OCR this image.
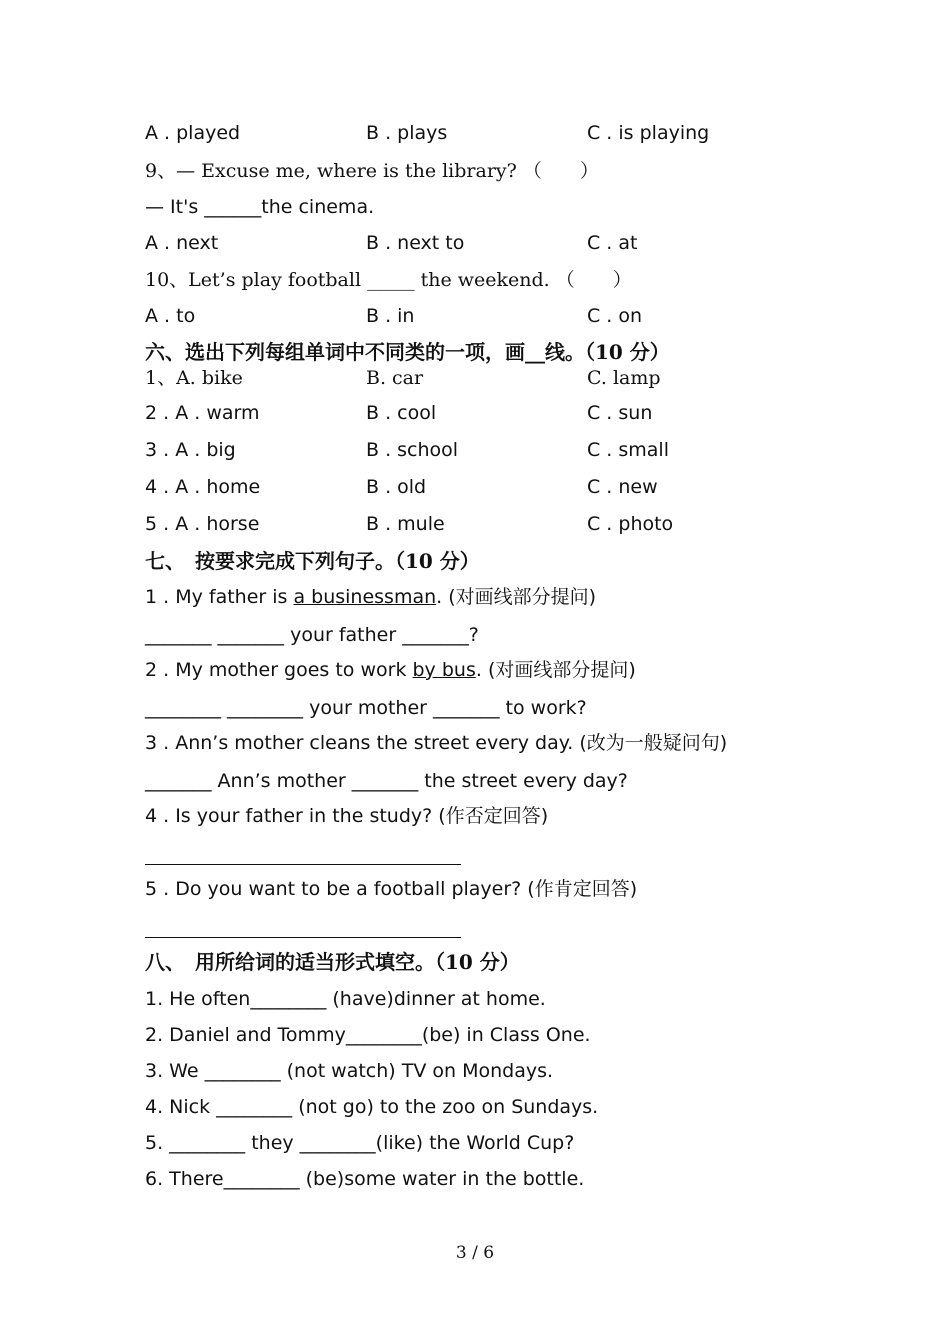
A . played	B . plays	C . is playing
9、— Excuse me, where is the library? （　　）
— It's ______the cinema.
A . next	B . next to	C . at
10、Let’s play football _____ the weekend. （　　）
A . to	B . in	C . on
六、选出下列每组单词中不同类的一项，画__线。（10 分）
1、A. bike	B. car	C. lamp
2 . A . warm	B . cool	C . sun
3 . A . big	B . school	C . small
4 . A . home	B . old	C . new
5 . A . horse	B . mule	C . photo
七、　按要求完成下列句子。（10 分）
1 . My father is a businessman. (对画线部分提问)
_______ _______ your father _______?
2 . My mother goes to work by bus. (对画线部分提问)
________ ________ your mother _______ to work?
3 . Ann’s mother cleans the street every day. (改为一般疑问句)
_______ Ann’s mother _______ the street every day?
4 . Is your father in the study? (作否定回答)
5 . Do you want to be a football player? (作肯定回答)
八、　用所给词的适当形式填空。（10 分）
1. He often________ (have)dinner at home.
2. Daniel and Tommy________(be) in Class One.
3. We ________ (not watch) TV on Mondays.
4. Nick ________ (not go) to the zoo on Sundays.
5. ________ they ________(like) the World Cup?
6. There________ (be)some water in the bottle.
3 / 6
